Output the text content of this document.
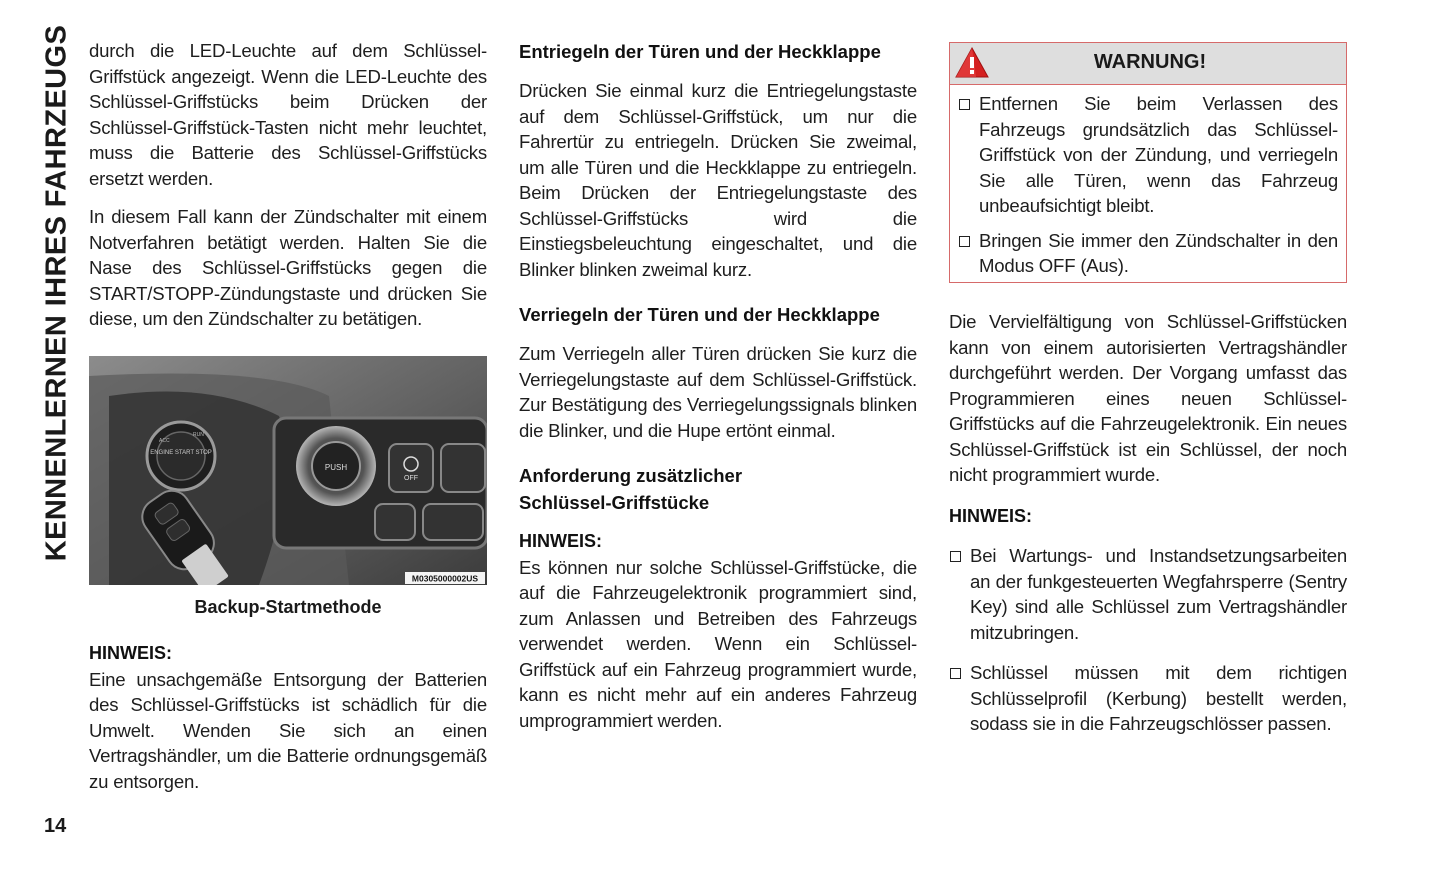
KENNENLERNEN IHRES FAHRZEUGS durch die LED-Leuchte auf dem Schlüssel-Griffstück angezeigt. Wenn die LED-Leuchte des Schlüssel-Griffstücks beim Drücken der Schlüssel-Griffstück-Tasten nicht mehr leuchtet, muss die Batterie des Schlüssel-Griffstücks ersetzt werden.

In diesem Fall kann der Zündschalter mit einem Notverfahren betätigt werden. Halten Sie die Nase des Schlüssel-Griffstücks gegen die START/STOPP-Zündungstaste und drücken Sie diese, um den Zündschalter zu betätigen.

ENGINE START STOP
ACC
RUN
PUSH
OFF
M0305000002US
Backup-Startmethode
HINWEIS:

Eine unsachgemäße Entsorgung der Batterien des Schlüssel-Griffstücks ist schädlich für die Umwelt. Wenden Sie sich an einen Vertragshändler, um die Batterie ordnungsgemäß zu entsorgen.

Entriegeln der Türen und der Heckklappe

Drücken Sie einmal kurz die Entriegelungstaste auf dem Schlüssel-Griffstück, um nur die Fahrertür zu entriegeln. Drücken Sie zweimal, um alle Türen und die Heckklappe zu entriegeln. Beim Drücken der Entriegelungstaste des Schlüssel-Griffstücks wird die Einstiegsbeleuchtung eingeschaltet, und die Blinker blinken zweimal kurz.

Verriegeln der Türen und der Heckklappe

Zum Verriegeln aller Türen drücken Sie kurz die Verriegelungstaste auf dem Schlüssel-Griffstück. Zur Bestätigung des Verriegelungssignals blinken die Blinker, und die Hupe ertönt einmal.

Anforderung zusätzlicher
Schlüssel-Griffstücke
HINWEIS:

Es können nur solche Schlüssel-Griffstücke, die auf die Fahrzeugelektronik programmiert sind, zum Anlassen und Betreiben des Fahrzeugs verwendet werden. Wenn ein Schlüssel-Griffstück auf ein Fahrzeug programmiert wurde, kann es nicht mehr auf ein anderes Fahrzeug umprogrammiert werden.

WARNUNG!

Entfernen Sie beim Verlassen des Fahrzeugs grundsätzlich das Schlüssel-Griffstück von der Zündung, und verriegeln Sie alle Türen, wenn das Fahrzeug unbeaufsichtigt bleibt.

Bringen Sie immer den Zündschalter in den Modus OFF (Aus).

Die Vervielfältigung von Schlüssel-Griffstücken kann von einem autorisierten Vertragshändler durchgeführt werden. Der Vorgang umfasst das Programmieren eines neuen Schlüssel-Griffstücks auf die Fahrzeugelektronik. Ein neues Schlüssel-Griffstück ist ein Schlüssel, der noch nicht programmiert wurde.

HINWEIS:

Bei Wartungs- und Instandsetzungsarbeiten an der funkgesteuerten Wegfahrsperre (Sentry Key) sind alle Schlüssel zum Vertragshändler mitzubringen.

Schlüssel müssen mit dem richtigen Schlüsselprofil (Kerbung) bestellt werden, sodass sie in die Fahrzeugschlösser passen.

14
